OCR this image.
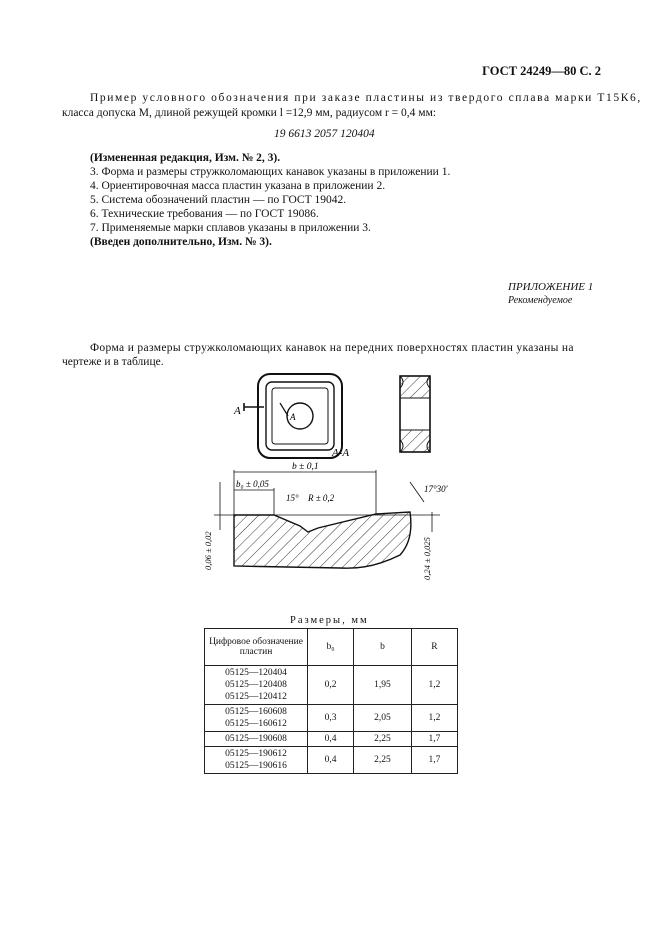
ГОСТ 24249—80 С. 2
Пример условного обозначения при заказе пластины из твердого сплава марки Т15К6,
класса допуска М, длиной режущей кромки l =12,9 мм, радиусом r = 0,4 мм:
19 6613 2057 120404
(Измененная редакция, Изм. № 2, 3).
3. Форма и размеры стружколомающих канавок указаны в приложении 1.
4. Ориентировочная масса пластин указана в приложении 2.
5. Система обозначений пластин — по ГОСТ 19042.
6. Технические требования — по ГОСТ 19086.
7. Применяемые марки сплавов указаны в приложении 3.
(Введен дополнительно, Изм. № 3).
ПРИЛОЖЕНИЕ 1
Рекомендуемое
Форма и размеры стружколомающих канавок на передних поверхностях пластин указаны на
чертеже и в таблице.
A	A
A-A
b ± 0,1
b₀ ± 0,05
15° R ± 0,2
17°30′
0,06 ± 0,02	0,24 ± 0,025
Размеры, мм
Цифровое обозначение пластин	b₀	b	R

05125—120404
05125—120408
05125—120412	0,2	1,95	1,2

05125—160608
05125—160612	0,3	2,05	1,2

05125—190608	0,4	2,25	1,7

05125—190612
05125—190616	0,4	2,25	1,7
